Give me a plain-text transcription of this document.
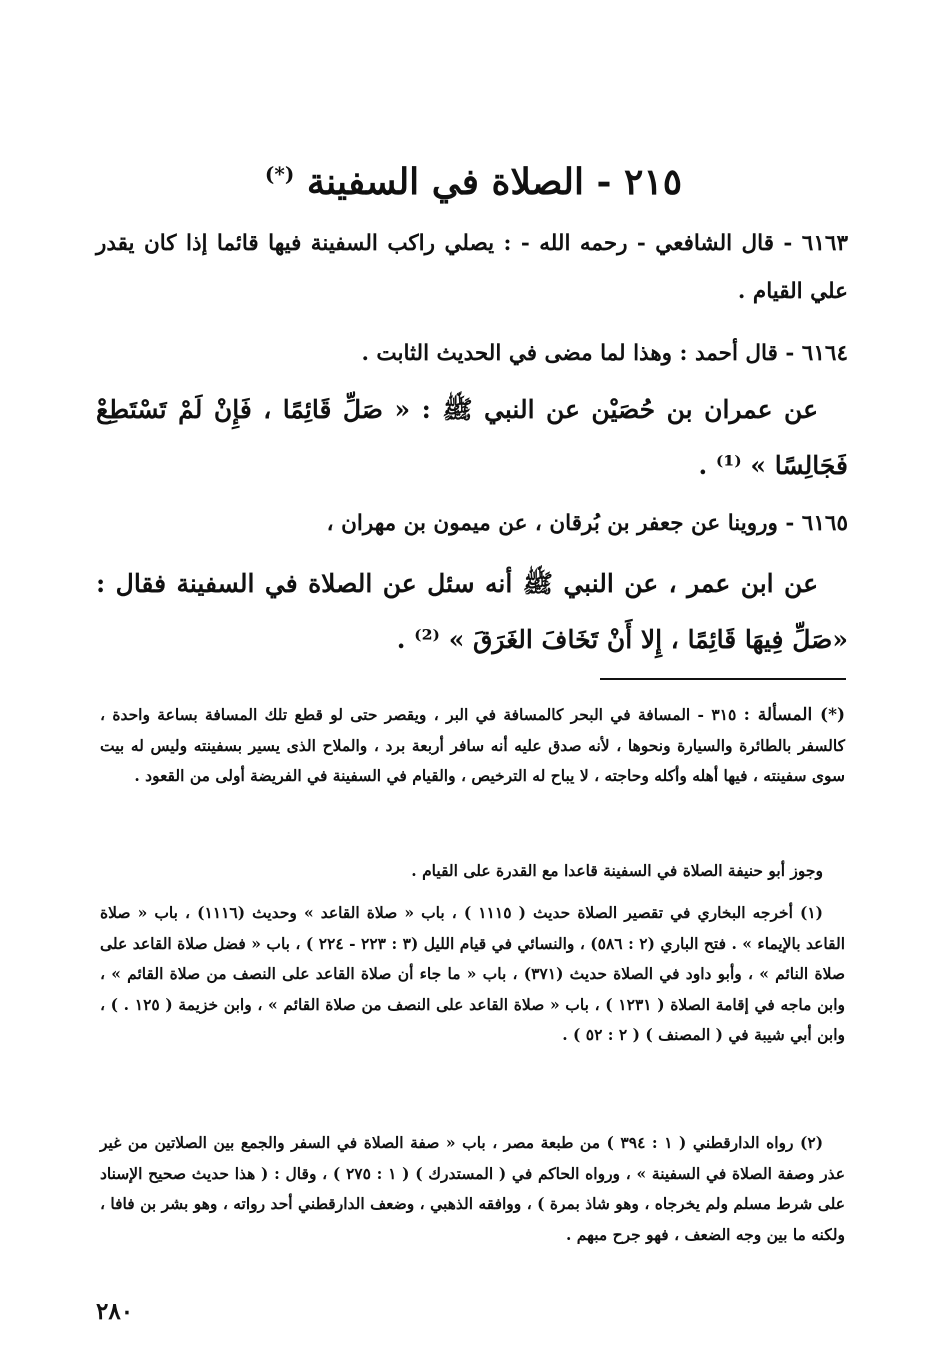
٢١٥ - الصلاة في السفينة (*)
٦١٦٣ - قال الشافعي - رحمه الله - : يصلي راكب السفينة فيها قائما إذا كان يقدر علي القيام .
٦١٦٤ - قال أحمد : وهذا لما مضى في الحديث الثابت .
عن عمران بن حُصَيْن عن النبي ﷺ : « صَلِّ قَائِمًا ، فَإِنْ لَمْ تَسْتَطِعْ فَجَالِسًا » ⁽¹⁾ .
٦١٦٥ - وروينا عن جعفر بن بُرقان ، عن ميمون بن مهران ،
عن ابن عمر ، عن النبي ﷺ أنه سئل عن الصلاة في السفينة فقال : «صَلِّ فِيهَا قَائِمًا ، إِلا أَنْ تَخَافَ الغَرَقَ » ⁽²⁾ .
(*) المسألة : ٣١٥ - المسافة في البحر كالمسافة في البر ، ويقصر حتى لو قطع تلك المسافة بساعة واحدة ، كالسفر بالطائرة والسيارة ونحوها ، لأنه صدق عليه أنه سافر أربعة برد ، والملاح الذى يسير بسفينته وليس له بيت سوى سفينته ، فيها أهله وأكله وحاجته ، لا يباح له الترخيص ، والقيام في السفينة في الفريضة أولى من القعود .
وجوز أبو حنيفة الصلاة في السفينة قاعدا مع القدرة على القيام .
(١) أخرجه البخاري في تقصير الصلاة حديث ( ١١١٥ ) ، باب « صلاة القاعد » وحديث (١١١٦) ، باب « صلاة القاعد بالإيماء » . فتح الباري (٢ : ٥٨٦) ، والنسائي في قيام الليل (٣ : ٢٢٣ - ٢٢٤ ) ، باب « فضل صلاة القاعد على صلاة النائم » ، وأبو داود في الصلاة حديث (٣٧١) ، باب « ما جاء أن صلاة القاعد على النصف من صلاة القائم » ، وابن ماجه في إقامة الصلاة ( ١٢٣١ ) ، باب « صلاة القاعد على النصف من صلاة القائم » ، وابن خزيمة ( ١٢٥ . ) ، وابن أبي شيبة في ( المصنف ) ( ٢ : ٥٢ ) .
(٢) رواه الدارقطني ( ١ : ٣٩٤ ) من طبعة مصر ، باب « صفة الصلاة في السفر والجمع بين الصلاتين من غير عذر وصفة الصلاة في السفينة » ، ورواه الحاكم في ( المستدرك ) ( ١ : ٢٧٥ ) ، وقال : ( هذا حديث صحيح الإسناد على شرط مسلم ولم يخرجاه ، وهو شاذ بمرة ) ، ووافقه الذهبي ، وضعف الدارقطني أحد رواته ، وهو بشر بن فافا ، ولكنه ما بين وجه الضعف ، فهو جرح مبهم .
٢٨٠
